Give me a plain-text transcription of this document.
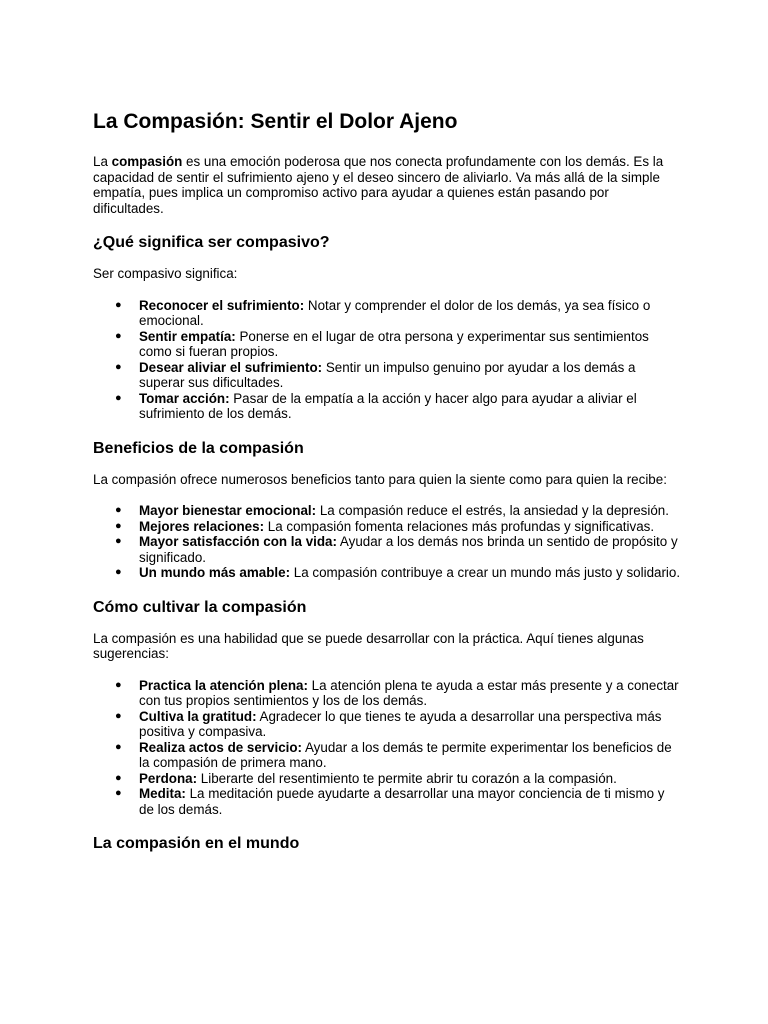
La Compasión: Sentir el Dolor Ajeno

La compasión es una emoción poderosa que nos conecta profundamente con los demás. Es la capacidad de sentir el sufrimiento ajeno y el deseo sincero de aliviarlo. Va más allá de la simple empatía, pues implica un compromiso activo para ayudar a quienes están pasando por dificultades.

¿Qué significa ser compasivo?

Ser compasivo significa:

● Reconocer el sufrimiento: Notar y comprender el dolor de los demás, ya sea físico o emocional.
● Sentir empatía: Ponerse en el lugar de otra persona y experimentar sus sentimientos como si fueran propios.
● Desear aliviar el sufrimiento: Sentir un impulso genuino por ayudar a los demás a superar sus dificultades.
● Tomar acción: Pasar de la empatía a la acción y hacer algo para ayudar a aliviar el sufrimiento de los demás.
Beneficios de la compasión

La compasión ofrece numerosos beneficios tanto para quien la siente como para quien la recibe:

● Mayor bienestar emocional: La compasión reduce el estrés, la ansiedad y la depresión.
● Mejores relaciones: La compasión fomenta relaciones más profundas y significativas.
● Mayor satisfacción con la vida: Ayudar a los demás nos brinda un sentido de propósito y significado.
● Un mundo más amable: La compasión contribuye a crear un mundo más justo y solidario.
Cómo cultivar la compasión

La compasión es una habilidad que se puede desarrollar con la práctica. Aquí tienes algunas sugerencias:

● Practica la atención plena: La atención plena te ayuda a estar más presente y a conectar con tus propios sentimientos y los de los demás.
● Cultiva la gratitud: Agradecer lo que tienes te ayuda a desarrollar una perspectiva más positiva y compasiva.
● Realiza actos de servicio: Ayudar a los demás te permite experimentar los beneficios de la compasión de primera mano.
● Perdona: Liberarte del resentimiento te permite abrir tu corazón a la compasión.
● Medita: La meditación puede ayudarte a desarrollar una mayor conciencia de ti mismo y de los demás.
La compasión en el mundo
